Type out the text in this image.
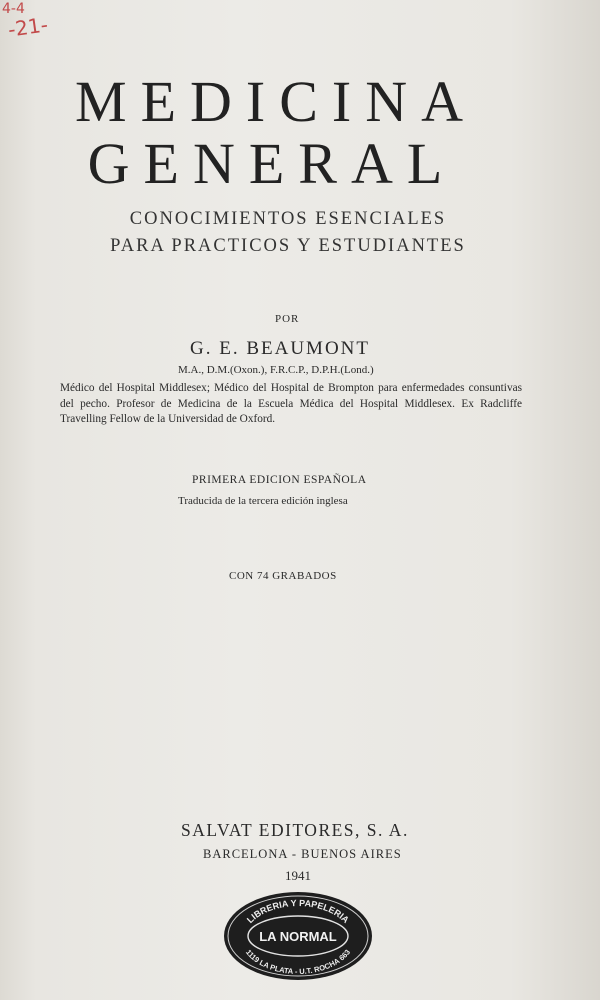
4-4
-21-
MEDICINA
GENERAL
CONOCIMIENTOS ESENCIALES
PARA PRACTICOS Y ESTUDIANTES
POR
G. E. BEAUMONT
M.A., D.M.(Oxon.), F.R.C.P., D.P.H.(Lond.)
Médico del Hospital Middlesex; Médico del Hospital de Brompton para enfermedades consuntivas del pecho. Profesor de Medicina de la Escuela Médica del Hospital Middlesex. Ex Radcliffe Travelling Fellow de la Universidad de Oxford.
PRIMERA EDICION ESPAÑOLA
Traducida de la tercera edición inglesa
CON 74 GRABADOS
SALVAT EDITORES, S. A.
BARCELONA - BUENOS AIRES
1941
LIBRERIA Y PAPELERIA
LA NORMAL
1119 LA PLATA - U.T. ROCHA 663
